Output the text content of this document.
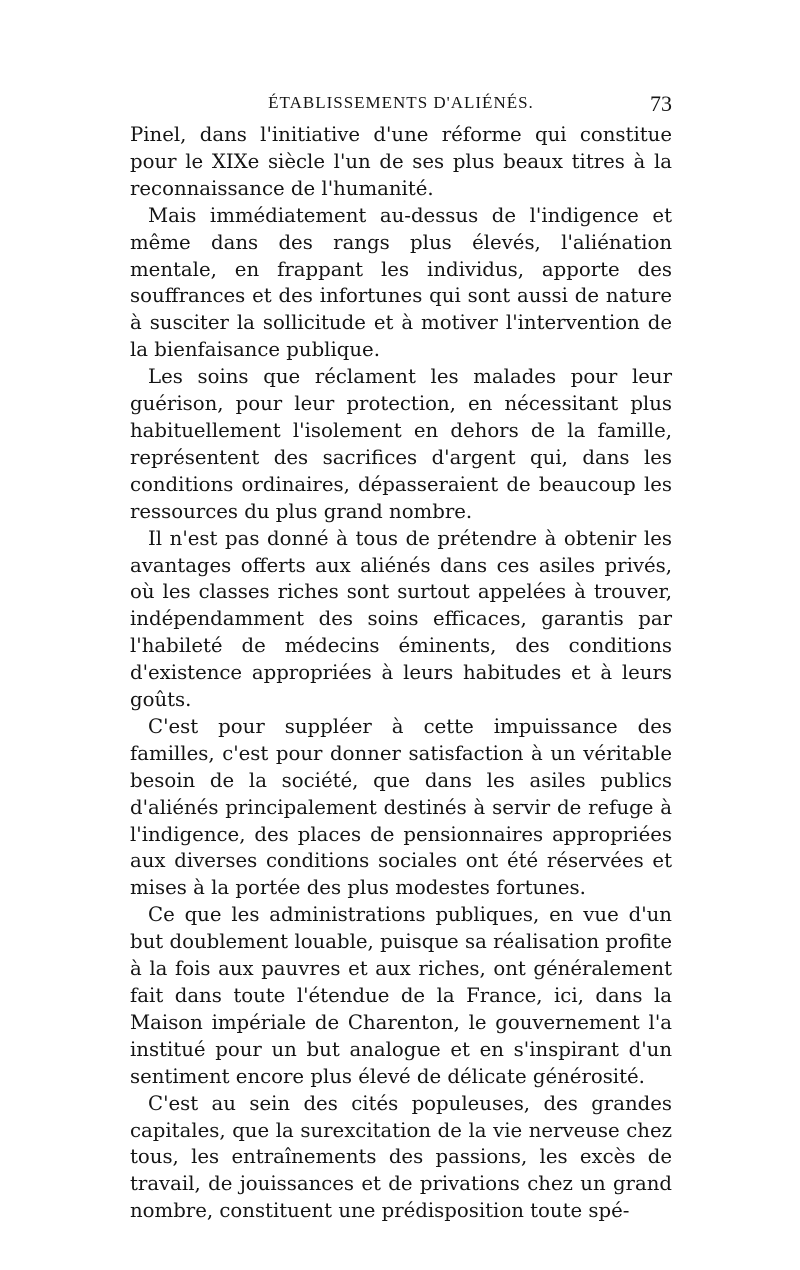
ÉTABLISSEMENTS D'ALIÉNÉS.	73

Pinel, dans l'initiative d'une réforme qui constitue pour le XIXe siècle l'un de ses plus beaux titres à la reconnaissance de l'humanité.

Mais immédiatement au-dessus de l'indigence et même dans des rangs plus élevés, l'aliénation mentale, en frappant les individus, apporte des souffrances et des infortunes qui sont aussi de nature à susciter la sollicitude et à motiver l'intervention de la bienfaisance publique.

Les soins que réclament les malades pour leur guérison, pour leur protection, en nécessitant plus habituellement l'isolement en dehors de la famille, représentent des sacrifices d'argent qui, dans les conditions ordinaires, dépasseraient de beaucoup les ressources du plus grand nombre.

Il n'est pas donné à tous de prétendre à obtenir les avantages offerts aux aliénés dans ces asiles privés, où les classes riches sont surtout appelées à trouver, indépendamment des soins efficaces, garantis par l'habileté de médecins éminents, des conditions d'existence appropriées à leurs habitudes et à leurs goûts.

C'est pour suppléer à cette impuissance des familles, c'est pour donner satisfaction à un véritable besoin de la société, que dans les asiles publics d'aliénés principalement destinés à servir de refuge à l'indigence, des places de pensionnaires appropriées aux diverses conditions sociales ont été réservées et mises à la portée des plus modestes fortunes.

Ce que les administrations publiques, en vue d'un but doublement louable, puisque sa réalisation profite à la fois aux pauvres et aux riches, ont généralement fait dans toute l'étendue de la France, ici, dans la Maison impériale de Charenton, le gouvernement l'a institué pour un but analogue et en s'inspirant d'un sentiment encore plus élevé de délicate générosité.

C'est au sein des cités populeuses, des grandes capitales, que la surexcitation de la vie nerveuse chez tous, les entraînements des passions, les excès de travail, de jouissances et de privations chez un grand nombre, constituent une prédisposition toute spé-
